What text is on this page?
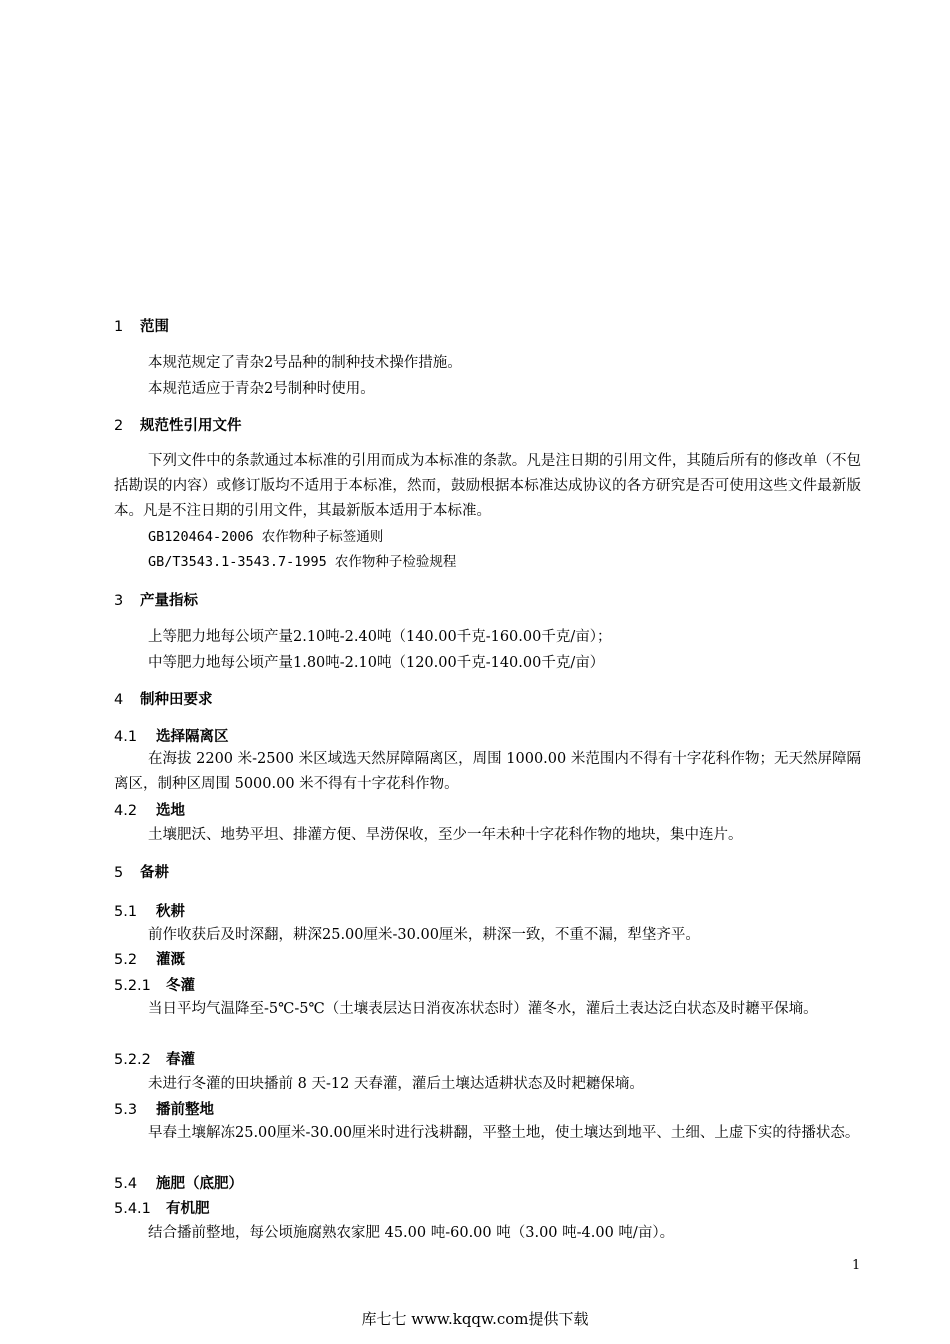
1 范围
本规范规定了青杂2号品种的制种技术操作措施。
本规范适应于青杂2号制种时使用。
2 规范性引用文件
下列文件中的条款通过本标准的引用而成为本标准的条款。凡是注日期的引用文件，其随后所有的修改单（不包括勘误的内容）或修订版均不适用于本标准，然而，鼓励根据本标准达成协议的各方研究是否可使用这些文件最新版本。凡是不注日期的引用文件，其最新版本适用于本标准。
GB120464-2006 农作物种子标签通则
GB/T3543.1-3543.7-1995 农作物种子检验规程
3 产量指标
上等肥力地每公顷产量2.10吨-2.40吨（140.00千克-160.00千克/亩）；
中等肥力地每公顷产量1.80吨-2.10吨（120.00千克-140.00千克/亩）
4 制种田要求
4.1 选择隔离区
在海拔 2200 米-2500 米区域选天然屏障隔离区，周围 1000.00 米范围内不得有十字花科作物；无天然屏障隔离区，制种区周围 5000.00 米不得有十字花科作物。
4.2 选地
土壤肥沃、地势平坦、排灌方便、旱涝保收，至少一年未种十字花科作物的地块，集中连片。
5 备耕
5.1 秋耕
前作收获后及时深翻，耕深25.00厘米-30.00厘米，耕深一致，不重不漏，犁垡齐平。
5.2 灌溉
5.2.1 冬灌
当日平均气温降至-5℃-5℃（土壤表层达日消夜冻状态时）灌冬水，灌后土表达泛白状态及时耱平保墒。
5.2.2 春灌
未进行冬灌的田块播前 8 天-12 天春灌，灌后土壤达适耕状态及时耙耱保墒。
5.3 播前整地
早春土壤解冻25.00厘米-30.00厘米时进行浅耕翻，平整土地，使土壤达到地平、土细、上虚下实的待播状态。
5.4 施肥（底肥）
5.4.1 有机肥
结合播前整地，每公顷施腐熟农家肥 45.00 吨-60.00 吨（3.00 吨-4.00 吨/亩）。
1
库七七 www.kqqw.com提供下载
